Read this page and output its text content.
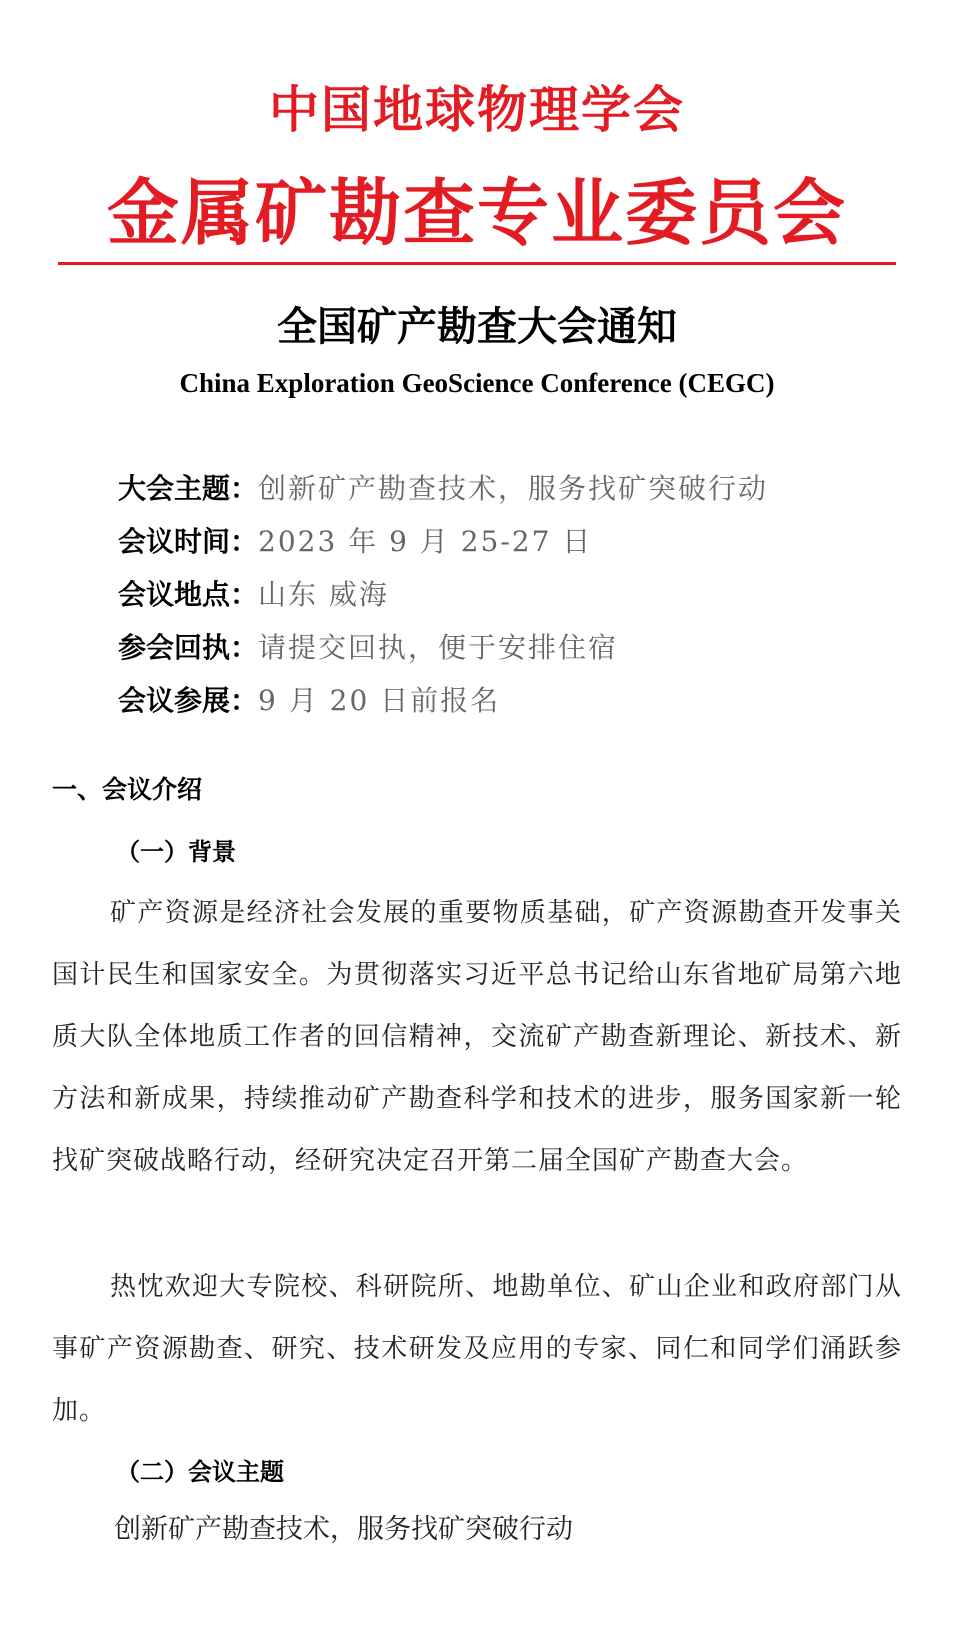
中国地球物理学会
金属矿勘查专业委员会
全国矿产勘查大会通知
China Exploration GeoScience Conference (CEGC)
大会主题：创新矿产勘查技术，服务找矿突破行动
会议时间：2023 年 9 月 25-27 日
会议地点：山东 威海
参会回执：请提交回执，便于安排住宿
会议参展：9 月 20 日前报名
一、会议介绍
（一）背景

矿产资源是经济社会发展的重要物质基础，矿产资源勘查开发事关国计民生和国家安全。为贯彻落实习近平总书记给山东省地矿局第六地质大队全体地质工作者的回信精神，交流矿产勘查新理论、新技术、新方法和新成果，持续推动矿产勘查科学和技术的进步，服务国家新一轮找矿突破战略行动，经研究决定召开第二届全国矿产勘查大会。

热忱欢迎大专院校、科研院所、地勘单位、矿山企业和政府部门从事矿产资源勘查、研究、技术研发及应用的专家、同仁和同学们涌跃参加。

（二）会议主题
创新矿产勘查技术，服务找矿突破行动
